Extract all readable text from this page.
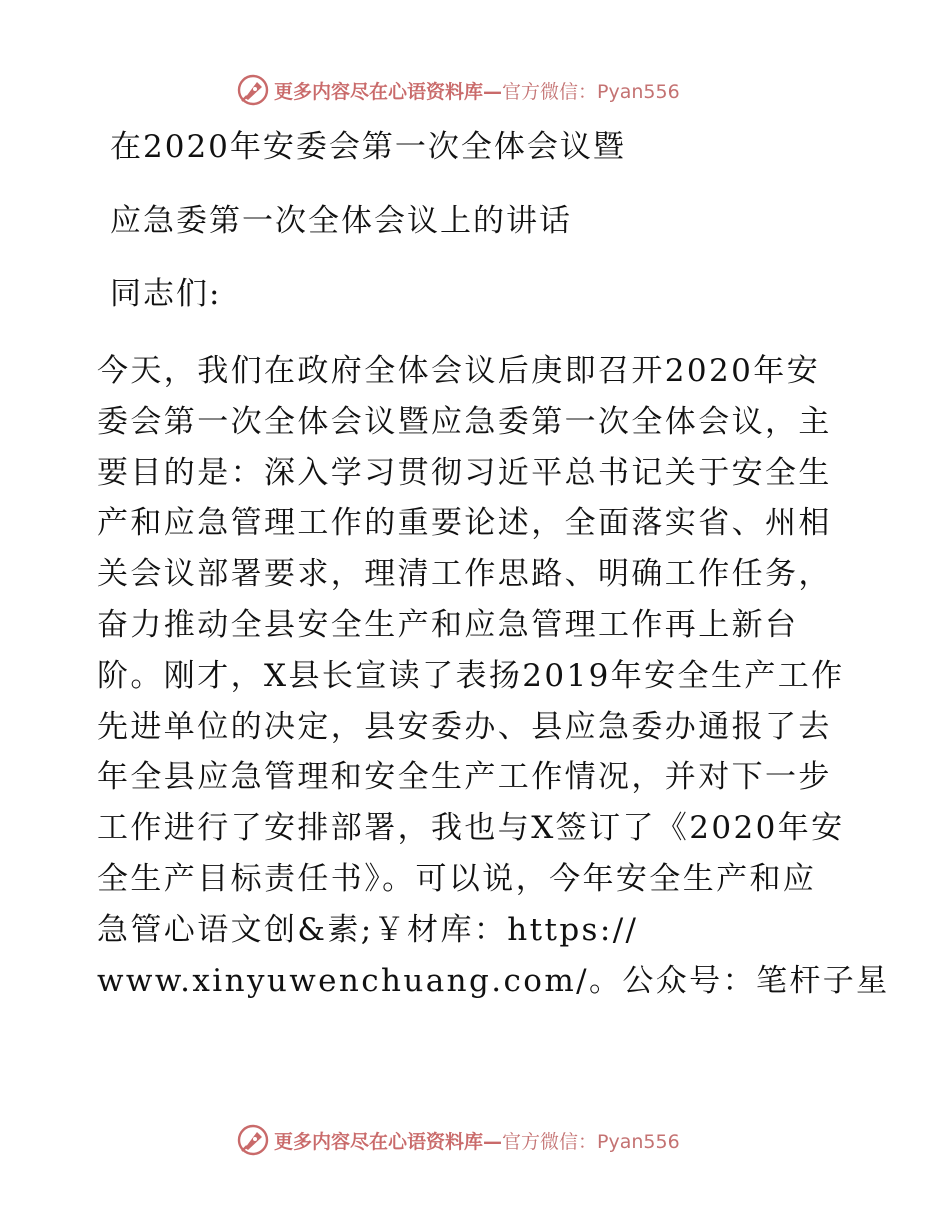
更多内容尽在心语资料库—官方微信：Pyan556
在2020年安委会第一次全体会议暨
应急委第一次全体会议上的讲话
同志们:
今天，我们在政府全体会议后庚即召开2020年安
委会第一次全体会议暨应急委第一次全体会议，主
要目的是：深入学习贯彻习近平总书记关于安全生
产和应急管理工作的重要论述，全面落实省、州相
关会议部署要求，理清工作思路、明确工作任务，
奋力推动全县安全生产和应急管理工作再上新台
阶。刚才，X县长宣读了表扬2019年安全生产工作
先进单位的决定，县安委办、县应急委办通报了去
年全县应急管理和安全生产工作情况，并对下一步
工作进行了安排部署，我也与X签订了《2020年安
全生产目标责任书》。可以说，今年安全生产和应
急管心语文创&素;￥材库：https://
www.xinyuwenchuang.com/。公众号：笔杆子星
更多内容尽在心语资料库—官方微信：Pyan556
